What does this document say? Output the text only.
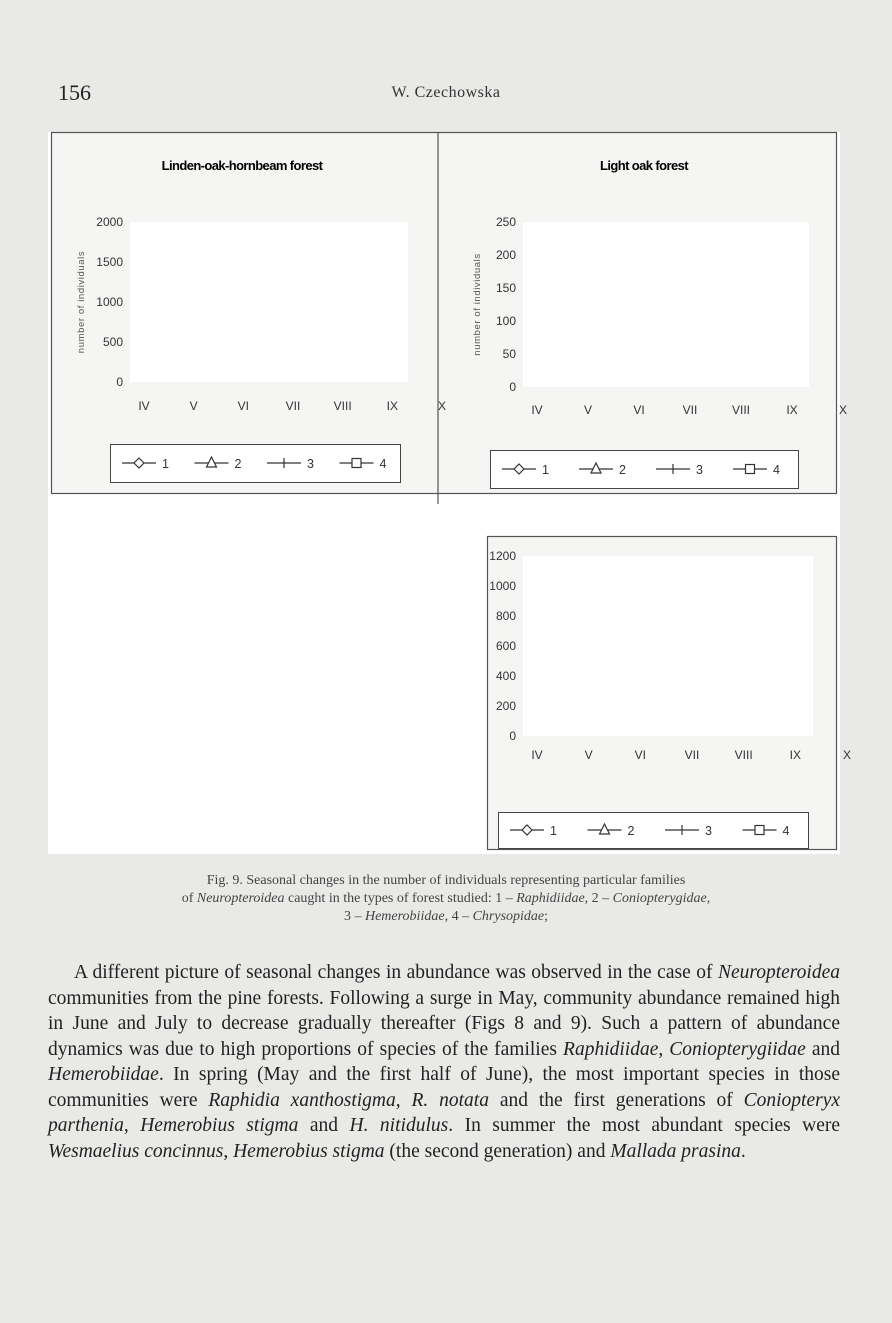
156	W. Czechowska
Linden-oak-hornbeam forest
number of individuals
2000
1500
1000
500
0
IV	V	VI	VII	VIII	IX	X
1	2	3	4
Light oak forest
number of individuals
250
200
150
100
50
0
IV	V	VI	VII	VIII	IX	X
1	2	3	4
1200
1000
800
600
400
200
0
IV	V	VI	VII	VIII	IX	X
1	2	3	4
Fig. 9. Seasonal changes in the number of individuals representing particular families
of Neuropteroidea caught in the types of forest studied: 1 – Raphidiidae, 2 – Coniopterygidae,
3 – Hemerobiidae, 4 – Chrysopidae;

A different picture of seasonal changes in abundance was observed in the case of Neuropteroidea communities from the pine forests. Following a surge in May, community abundance remained high in June and July to decrease gradually thereafter (Figs 8 and 9). Such a pattern of abundance dynamics was due to high proportions of species of the families Raphidiidae, Coniopterygiidae and Hemerobiidae. In spring (May and the first half of June), the most important species in those communities were Raphidia xanthostigma, R. notata and the first generations of Coniopteryx parthenia, Hemerobius stigma and H. nitidulus. In summer the most abundant species were Wesmaelius concinnus, Hemerobius stigma (the second generation) and Mallada prasina.
